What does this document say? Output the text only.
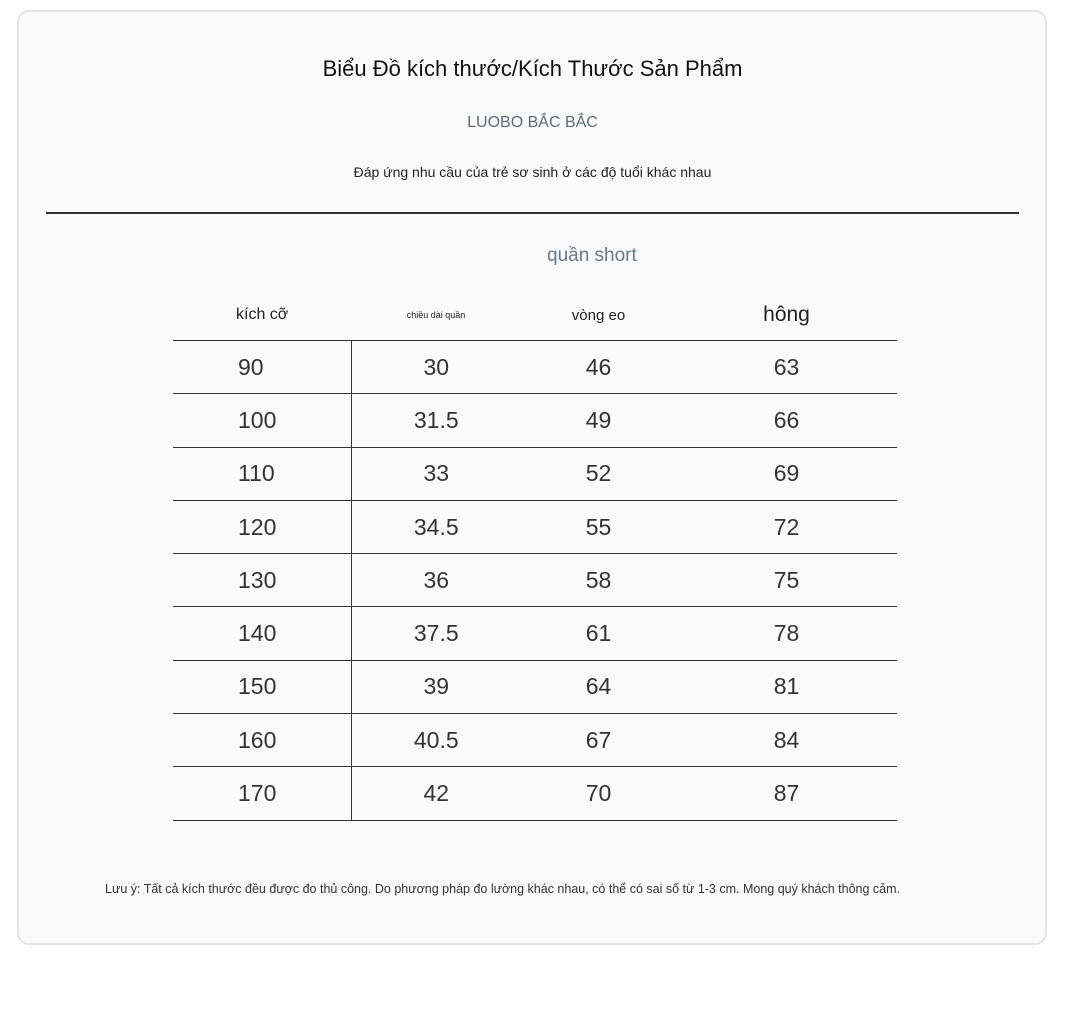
Biểu Đồ kích thước/Kích Thước Sản Phẩm
LUOBO BẮC BẮC
Đáp ứng nhu cầu của trẻ sơ sinh ở các độ tuổi khác nhau
quần short
kích cỡ	chiều dài quần	vòng eo	hông
90	30	46	63
100	31.5	49	66
110	33	52	69
120	34.5	55	72
130	36	58	75
140	37.5	61	78
150	39	64	81
160	40.5	67	84
170	42	70	87
Lưu ý: Tất cả kích thước đều được đo thủ công. Do phương pháp đo lường khác nhau, có thể có sai số từ 1-3 cm. Mong quý khách thông cảm.
